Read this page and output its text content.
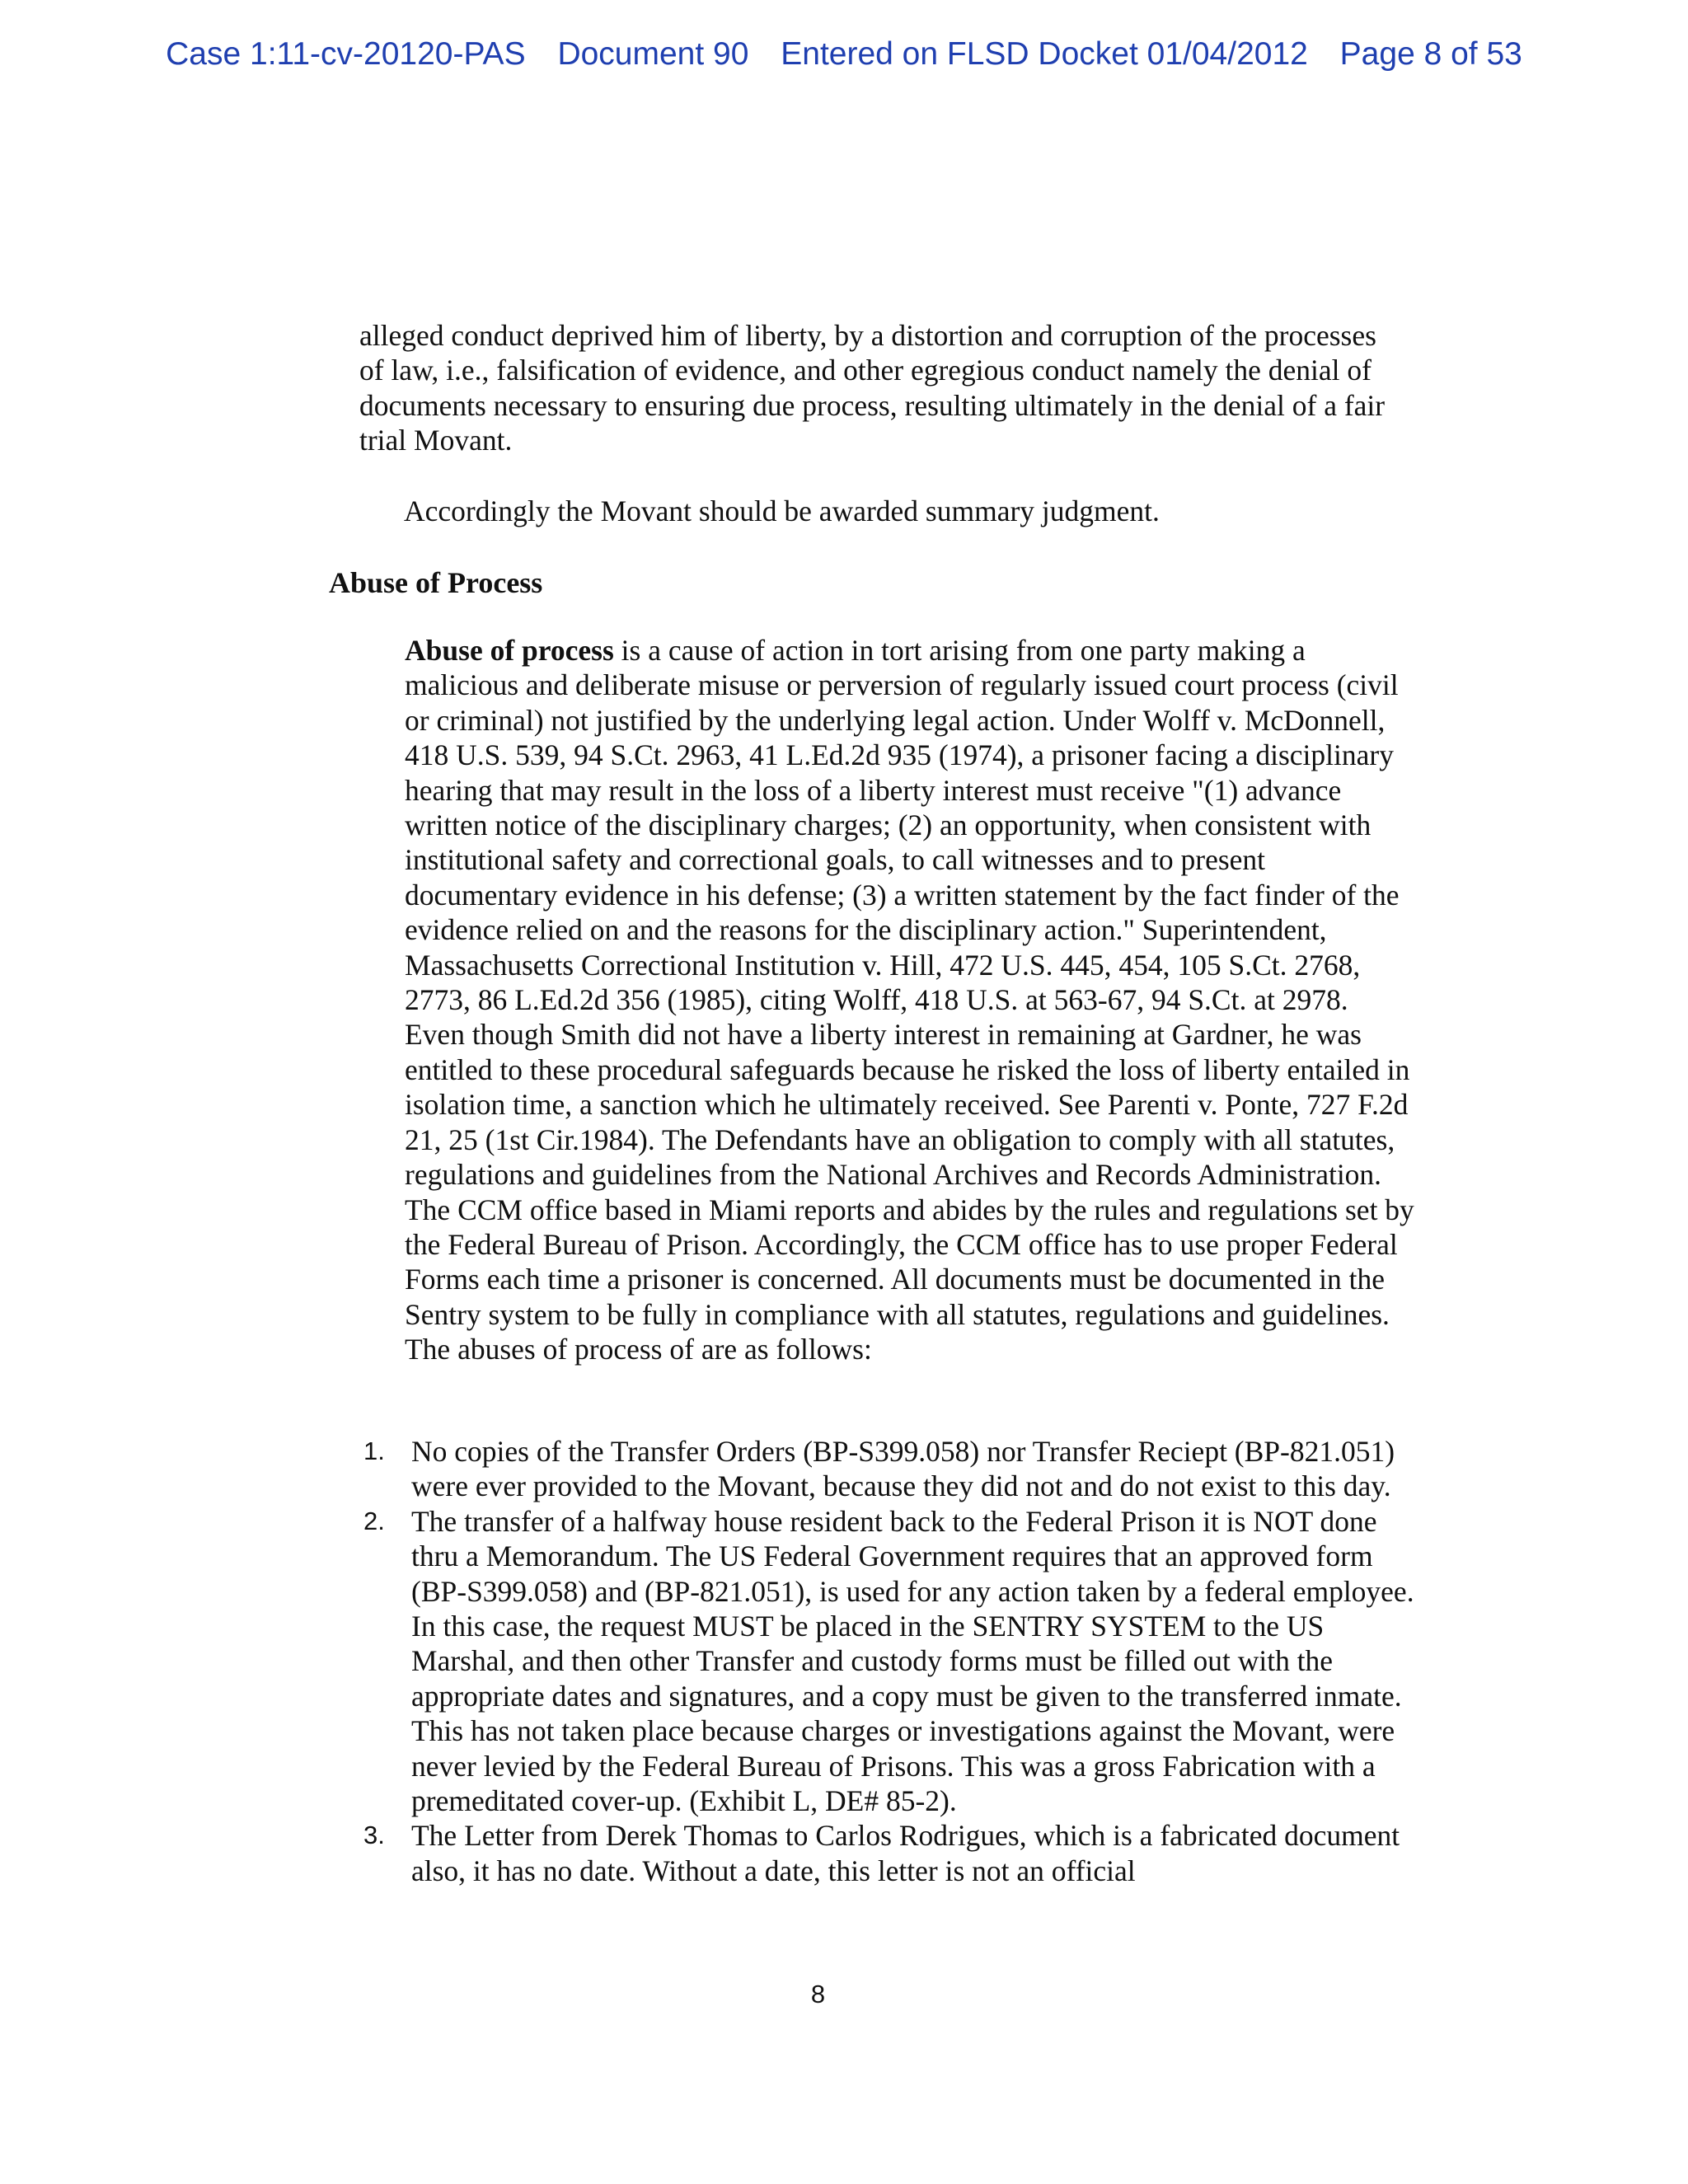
Case 1:11-cv-20120-PAS Document 90 Entered on FLSD Docket 01/04/2012 Page 8 of 53

alleged conduct deprived him of liberty, by a distortion and corruption of the processes of law, i.e., falsification of evidence, and other egregious conduct namely the denial of documents necessary to ensuring due process, resulting ultimately in the denial of a fair trial Movant.

Accordingly the Movant should be awarded summary judgment.

Abuse of Process

Abuse of process is a cause of action in tort arising from one party making a malicious and deliberate misuse or perversion of regularly issued court process (civil or criminal) not justified by the underlying legal action. Under Wolff v. McDonnell, 418 U.S. 539, 94 S.Ct. 2963, 41 L.Ed.2d 935 (1974), a prisoner facing a disciplinary hearing that may result in the loss of a liberty interest must receive "(1) advance written notice of the disciplinary charges; (2) an opportunity, when consistent with institutional safety and correctional goals, to call witnesses and to present documentary evidence in his defense; (3) a written statement by the fact finder of the evidence relied on and the reasons for the disciplinary action." Superintendent, Massachusetts Correctional Institution v. Hill, 472 U.S. 445, 454, 105 S.Ct. 2768, 2773, 86 L.Ed.2d 356 (1985), citing Wolff, 418 U.S. at 563-67, 94 S.Ct. at 2978. Even though Smith did not have a liberty interest in remaining at Gardner, he was entitled to these procedural safeguards because he risked the loss of liberty entailed in isolation time, a sanction which he ultimately received. See Parenti v. Ponte, 727 F.2d 21, 25 (1st Cir.1984). The Defendants have an obligation to comply with all statutes, regulations and guidelines from the National Archives and Records Administration. The CCM office based in Miami reports and abides by the rules and regulations set by the Federal Bureau of Prison. Accordingly, the CCM office has to use proper Federal Forms each time a prisoner is concerned. All documents must be documented in the Sentry system to be fully in compliance with all statutes, regulations and guidelines. The abuses of process of are as follows:

1. No copies of the Transfer Orders (BP-S399.058) nor Transfer Reciept (BP-821.051) were ever provided to the Movant, because they did not and do not exist to this day.
2. The transfer of a halfway house resident back to the Federal Prison it is NOT done thru a Memorandum. The US Federal Government requires that an approved form (BP-S399.058) and (BP-821.051), is used for any action taken by a federal employee. In this case, the request MUST be placed in the SENTRY SYSTEM to the US Marshal, and then other Transfer and custody forms must be filled out with the appropriate dates and signatures, and a copy must be given to the transferred inmate. This has not taken place because charges or investigations against the Movant, were never levied by the Federal Bureau of Prisons. This was a gross Fabrication with a premeditated cover-up. (Exhibit L, DE# 85-2).
3. The Letter from Derek Thomas to Carlos Rodrigues, which is a fabricated document also, it has no date. Without a date, this letter is not an official
8
